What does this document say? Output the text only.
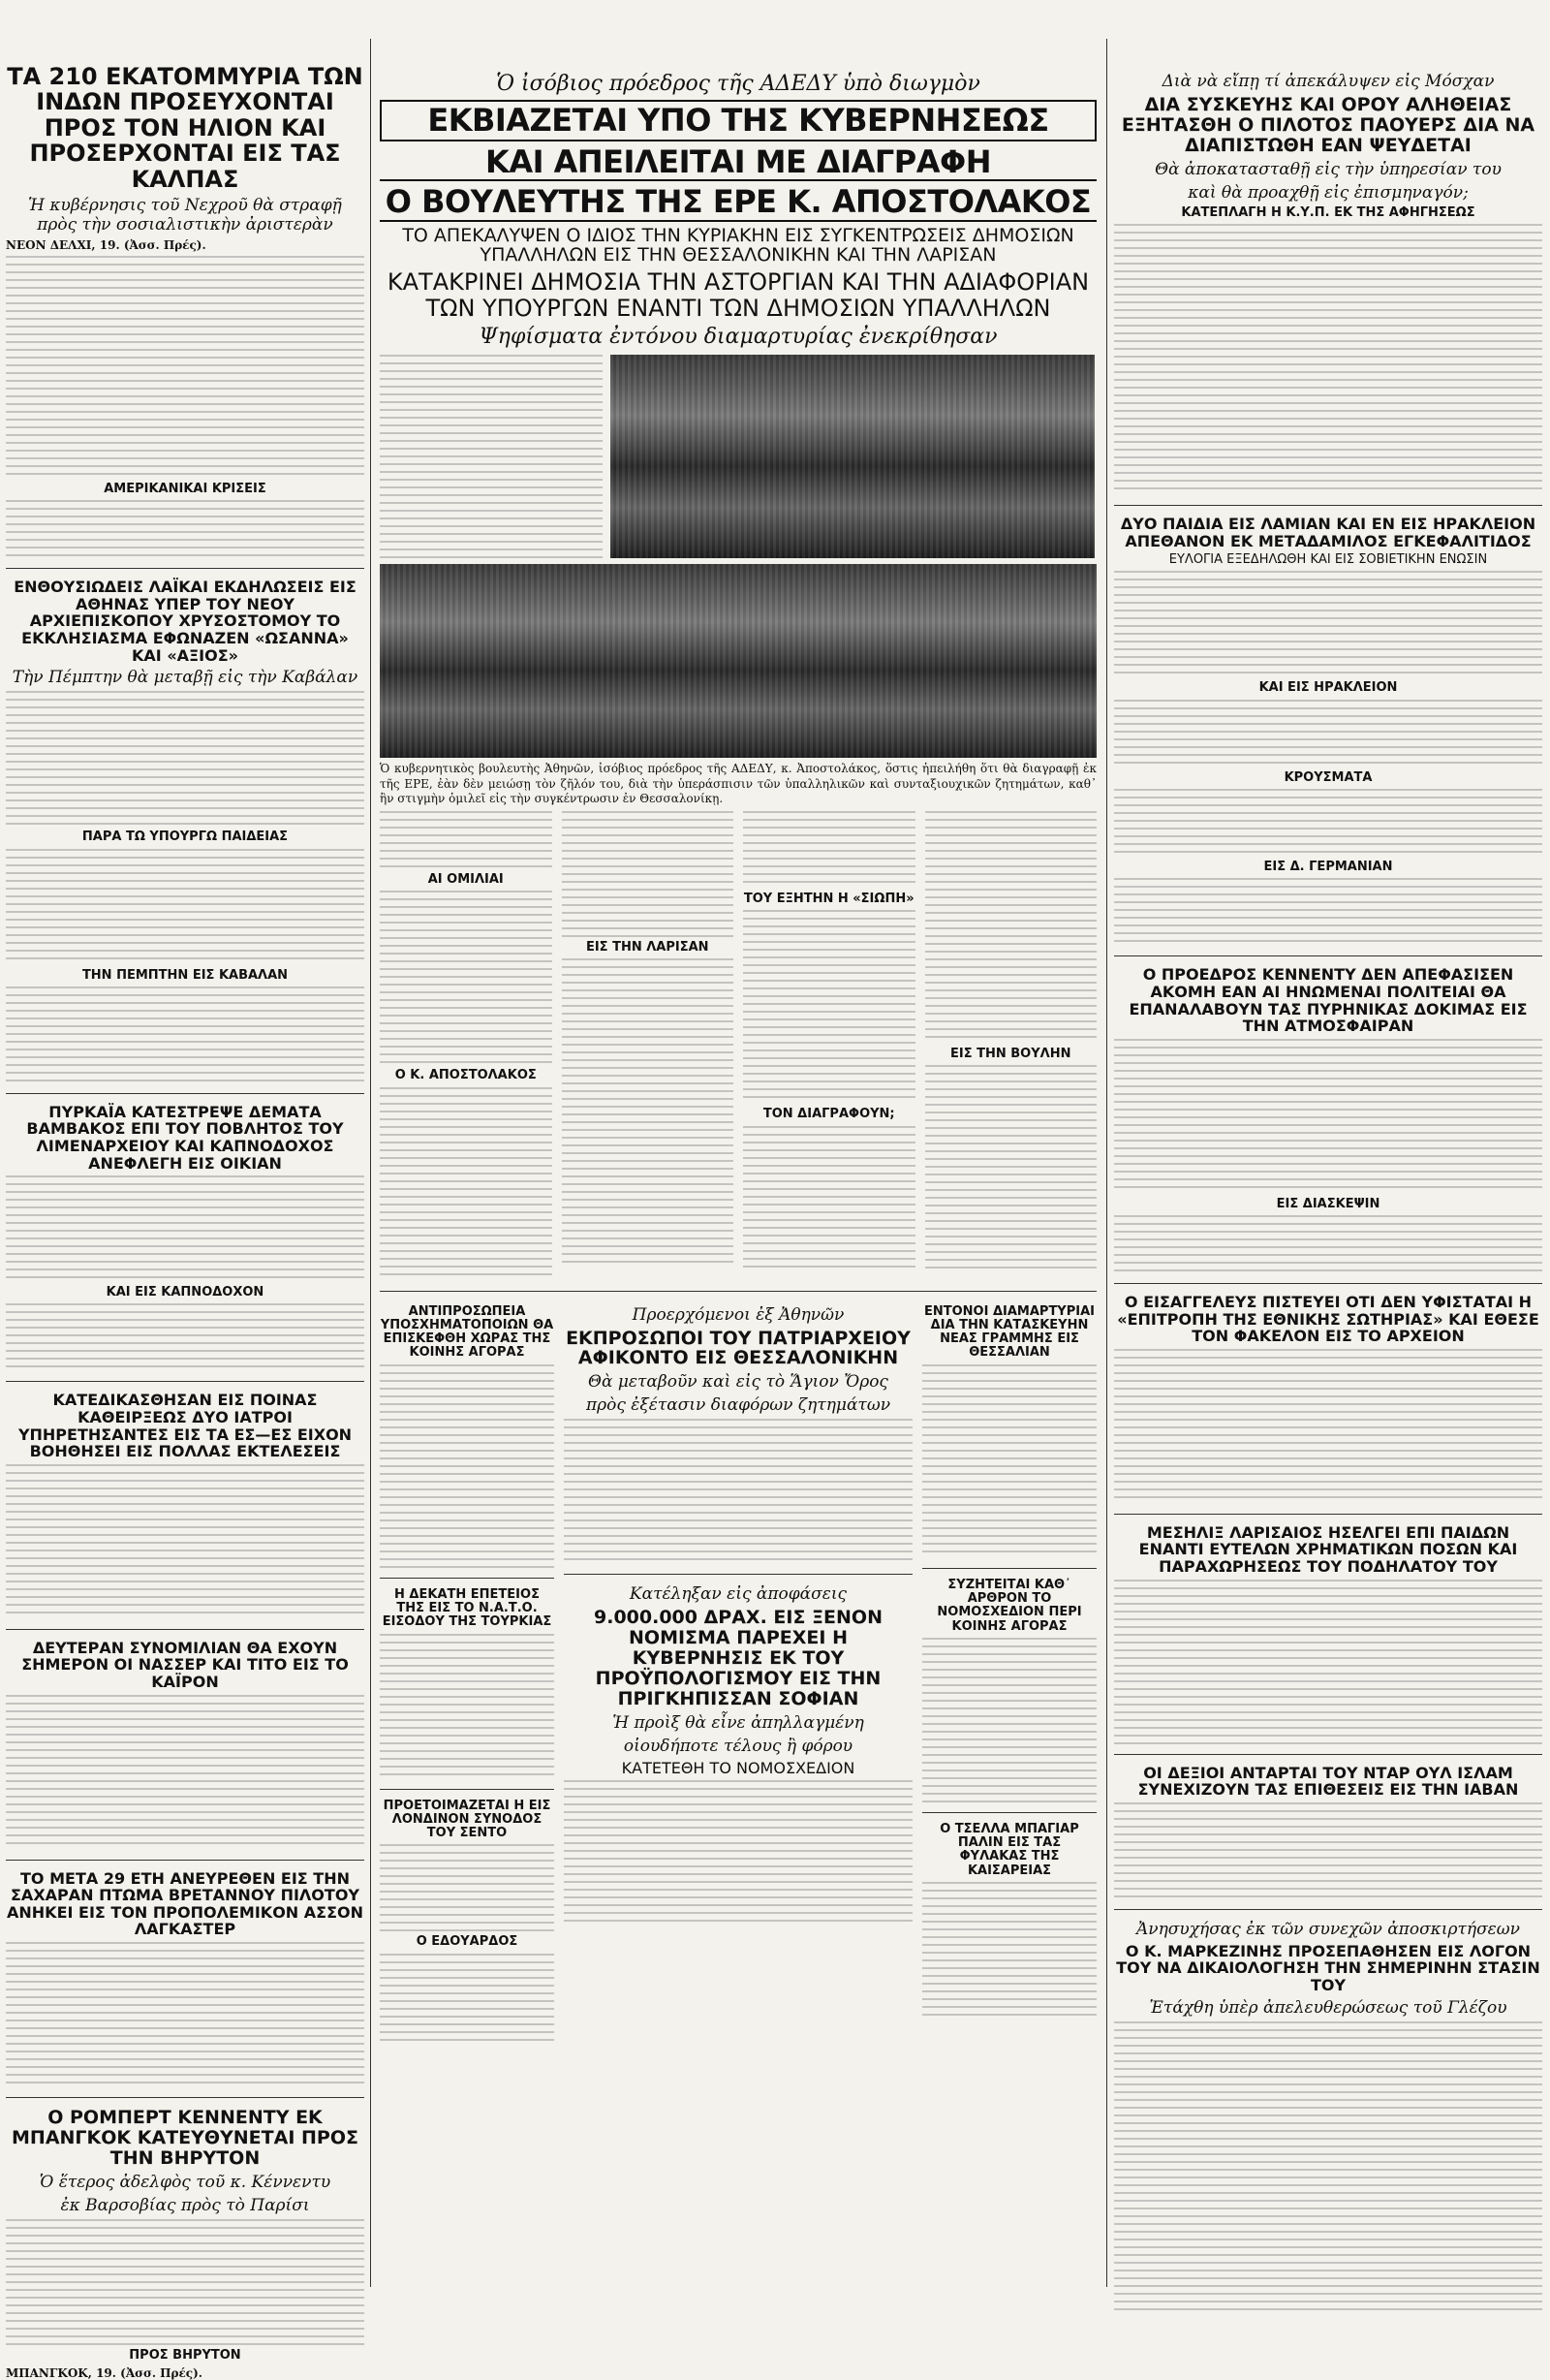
ΤΑ 210 ΕΚΑΤΟΜΜΥΡΙΑ ΤΩΝ ΙΝΔΩΝ ΠΡΟΣΕΥΧΟΝΤΑΙ ΠΡΟΣ ΤΟΝ ΗΛΙΟΝ ΚΑΙ ΠΡΟΣΕΡΧΟΝΤΑΙ ΕΙΣ ΤΑΣ ΚΑΛΠΑΣ
Ἡ κυβέρνησις τοῦ Νεχροῦ θὰ στραφῇ πρὸς τὴν σοσιαλιστικὴν ἀριστερὰν
ΝΕΟΝ ΔΕΛΧΙ, 19. (Ἀσσ. Πρές).
ΑΜΕΡΙΚΑΝΙΚΑΙ ΚΡΙΣΕΙΣ
ΕΝΘΟΥΣΙΩΔΕΙΣ ΛΑΪΚΑΙ ΕΚΔΗΛΩΣΕΙΣ ΕΙΣ ΑΘΗΝΑΣ ΥΠΕΡ ΤΟΥ ΝΕΟΥ ΑΡΧΙΕΠΙΣΚΟΠΟΥ ΧΡΥΣΟΣΤΟΜΟΥ ΤΟ ΕΚΚΛΗΣΙΑΣΜΑ ΕΦΩΝΑΖΕΝ «ΩΣΑΝΝΑ» ΚΑΙ «ΑΞΙΟΣ»
Τὴν Πέμπτην θὰ μεταβῇ εἰς τὴν Καβάλαν
ΠΑΡΑ ΤΩ ΥΠΟΥΡΓΩ ΠΑΙΔΕΙΑΣ
ΤΗΝ ΠΕΜΠΤΗΝ ΕΙΣ ΚΑΒΑΛΑΝ
ΠΥΡΚΑΪΑ ΚΑΤΕΣΤΡΕΨΕ ΔΕΜΑΤΑ ΒΑΜΒΑΚΟΣ ΕΠΙ ΤΟΥ ΠΟΒΛΗΤΟΣ ΤΟΥ ΛΙΜΕΝΑΡΧΕΙΟΥ ΚΑΙ ΚΑΠΝΟΔΟΧΟΣ ΑΝΕΦΛΕΓΗ ΕΙΣ ΟΙΚΙΑΝ
ΚΑΙ ΕΙΣ ΚΑΠΝΟΔΟΧΟΝ
ΚΑΤΕΔΙΚΑΣΘΗΣΑΝ ΕΙΣ ΠΟΙΝΑΣ ΚΑΘΕΙΡΞΕΩΣ ΔΥΟ ΙΑΤΡΟΙ ΥΠΗΡΕΤΗΣΑΝΤΕΣ ΕΙΣ ΤΑ ΕΣ—ΕΣ ΕΙΧΟΝ ΒΟΗΘΗΣΕΙ ΕΙΣ ΠΟΛΛΑΣ ΕΚΤΕΛΕΣΕΙΣ
ΔΕΥΤΕΡΑΝ ΣΥΝΟΜΙΛΙΑΝ ΘΑ ΕΧΟΥΝ ΣΗΜΕΡΟΝ ΟΙ ΝΑΣΣΕΡ ΚΑΙ ΤΙΤΟ ΕΙΣ ΤΟ ΚΑΪΡΟΝ
ΤΟ ΜΕΤΑ 29 ΕΤΗ ΑΝΕΥΡΕΘΕΝ ΕΙΣ ΤΗΝ ΣΑΧΑΡΑΝ ΠΤΩΜΑ ΒΡΕΤΑΝΝΟΥ ΠΙΛΟΤΟΥ ΑΝΗΚΕΙ ΕΙΣ ΤΟΝ ΠΡΟΠΟΛΕΜΙΚΟΝ ΑΣΣΟΝ ΛΑΓΚΑΣΤΕΡ
Ο ΡΟΜΠΕΡΤ ΚΕΝΝΕΝΤΥ ΕΚ ΜΠΑΝΓΚΟΚ ΚΑΤΕΥΘΥΝΕΤΑΙ ΠΡΟΣ ΤΗΝ ΒΗΡΥΤΟΝ
Ὁ ἕτερος ἀδελφὸς τοῦ κ. Κέννεντυ
ἐκ Βαρσοβίας πρὸς τὸ Παρίσι
ΠΡΟΣ ΒΗΡΥΤΟΝ
ΜΠΑΝΓΚΟΚ, 19. (Ἀσσ. Πρές).
Ὁ ἰσόβιος πρόεδρος τῆς ΑΔΕΔΥ ὑπὸ διωγμὸν
ΕΚΒΙΑΖΕΤΑΙ ΥΠΟ ΤΗΣ ΚΥΒΕΡΝΗΣΕΩΣ
ΚΑΙ ΑΠΕΙΛΕΙΤΑΙ ΜΕ ΔΙΑΓΡΑΦΗ
Ο ΒΟΥΛΕΥΤΗΣ ΤΗΣ ΕΡΕ Κ. ΑΠΟΣΤΟΛΑΚΟΣ
ΤΟ ΑΠΕΚΑΛΥΨΕΝ Ο ΙΔΙΟΣ ΤΗΝ ΚΥΡΙΑΚΗΝ ΕΙΣ ΣΥΓΚΕΝΤΡΩΣΕΙΣ ΔΗΜΟΣΙΩΝ ΥΠΑΛΛΗΛΩΝ ΕΙΣ ΤΗΝ ΘΕΣΣΑΛΟΝΙΚΗΝ ΚΑΙ ΤΗΝ ΛΑΡΙΣΑΝ
ΚΑΤΑΚΡΙΝΕΙ ΔΗΜΟΣΙΑ ΤΗΝ ΑΣΤΟΡΓΙΑΝ ΚΑΙ ΤΗΝ ΑΔΙΑΦΟΡΙΑΝ ΤΩΝ ΥΠΟΥΡΓΩΝ ΕΝΑΝΤΙ ΤΩΝ ΔΗΜΟΣΙΩΝ ΥΠΑΛΛΗΛΩΝ
Ψηφίσματα ἐντόνου διαμαρτυρίας ἐνεκρίθησαν
Ὁ κυβερνητικὸς βουλευτὴς Ἀθηνῶν, ἰσόβιος πρόεδρος τῆς ΑΔΕΔΥ, κ. Ἀποστολάκος, ὅστις ἠπειλήθη ὅτι θὰ διαγραφῇ ἐκ τῆς ΕΡΕ, ἐὰν δὲν μειώσῃ τὸν ζῆλόν του, διὰ τὴν ὑπεράσπισιν τῶν ὑπαλληλικῶν καὶ συνταξιουχικῶν ζητημάτων, καθ᾽ ἣν στιγμὴν ὁμιλεῖ εἰς τὴν συγκέντρωσιν ἐν Θεσσαλονίκῃ.
ΑΙ ΟΜΙΛΙΑΙ
Ο Κ. ΑΠΟΣΤΟΛΑΚΟΣ
ΕΙΣ ΤΗΝ ΛΑΡΙΣΑΝ
ΤΟΥ ΕΞΗΤΗΝ Η «ΣΙΩΠΗ»
ΤΟΝ ΔΙΑΓΡΑΦΟΥΝ;
ΕΙΣ ΤΗΝ ΒΟΥΛΗΝ
ΑΝΤΙΠΡΟΣΩΠΕΙΑ ΥΠΟΣΧΗΜΑΤΟΠΟΙΩΝ ΘΑ ΕΠΙΣΚΕΦΘΗ ΧΩΡΑΣ ΤΗΣ ΚΟΙΝΗΣ ΑΓΟΡΑΣ
Η ΔΕΚΑΤΗ ΕΠΕΤΕΙΟΣ ΤΗΣ ΕΙΣ ΤΟ Ν.Α.Τ.Ο. ΕΙΣΟΔΟΥ ΤΗΣ ΤΟΥΡΚΙΑΣ
ΠΡΟΕΤΟΙΜΑΖΕΤΑΙ Η ΕΙΣ ΛΟΝΔΙΝΟΝ ΣΥΝΟΔΟΣ ΤΟΥ ΣΕΝΤΟ
Ο ΕΔΟΥΑΡΔΟΣ
Προερχόμενοι ἐξ Ἀθηνῶν
ΕΚΠΡΟΣΩΠΟΙ ΤΟΥ ΠΑΤΡΙΑΡΧΕΙΟΥ ΑΦΙΚΟΝΤΟ ΕΙΣ ΘΕΣΣΑΛΟΝΙΚΗΝ
Θὰ μεταβοῦν καὶ εἰς τὸ Ἅγιον Ὄρος
πρὸς ἐξέτασιν διαφόρων ζητημάτων
Κατέληξαν εἰς ἀποφάσεις
9.000.000 ΔΡΑΧ. ΕΙΣ ΞΕΝΟΝ ΝΟΜΙΣΜΑ ΠΑΡΕΧΕΙ Η ΚΥΒΕΡΝΗΣΙΣ ΕΚ ΤΟΥ ΠΡΟΫΠΟΛΟΓΙΣΜΟΥ ΕΙΣ ΤΗΝ ΠΡΙΓΚΗΠΙΣΣΑΝ ΣΟΦΙΑΝ
Ἡ προὶξ θὰ εἶνε ἀπηλλαγμένη
οἱουδήποτε τέλους ἢ φόρου
ΚΑΤΕΤΕΘΗ ΤΟ ΝΟΜΟΣΧΕΔΙΟΝ
ΕΝΤΟΝΟΙ ΔΙΑΜΑΡΤΥΡΙΑΙ ΔΙΑ ΤΗΝ ΚΑΤΑΣΚΕΥΗΝ ΝΕΑΣ ΓΡΑΜΜΗΣ ΕΙΣ ΘΕΣΣΑΛΙΑΝ
ΣΥΖΗΤΕΙΤΑΙ ΚΑΘ᾽ ΑΡΘΡΟΝ ΤΟ ΝΟΜΟΣΧΕΔΙΟΝ ΠΕΡΙ ΚΟΙΝΗΣ ΑΓΟΡΑΣ
Ο ΤΣΕΛΛΑ ΜΠΑΓΙΑΡ ΠΑΛΙΝ ΕΙΣ ΤΑΣ ΦΥΛΑΚΑΣ ΤΗΣ ΚΑΙΣΑΡΕΙΑΣ
Διὰ νὰ εἴπῃ τί ἀπεκάλυψεν εἰς Μόσχαν
ΔΙΑ ΣΥΣΚΕΥΗΣ ΚΑΙ ΟΡΟΥ ΑΛΗΘΕΙΑΣ ΕΞΗΤΑΣΘΗ Ο ΠΙΛΟΤΟΣ ΠΑΟΥΕΡΣ ΔΙΑ ΝΑ ΔΙΑΠΙΣΤΩΘΗ ΕΑΝ ΨΕΥΔΕΤΑΙ
Θὰ ἀποκατασταθῇ εἰς τὴν ὑπηρεσίαν του
καὶ θὰ προαχθῇ εἰς ἐπισμηναγόν;
ΚΑΤΕΠΛΑΓΗ Η Κ.Υ.Π. ΕΚ ΤΗΣ ΑΦΗΓΗΣΕΩΣ
ΔΥΟ ΠΑΙΔΙΑ ΕΙΣ ΛΑΜΙΑΝ ΚΑΙ ΕΝ ΕΙΣ ΗΡΑΚΛΕΙΟΝ ΑΠΕΘΑΝΟΝ ΕΚ ΜΕΤΑΔΑΜΙΛΟΣ ΕΓΚΕΦΑΛΙΤΙΔΟΣ
ΕΥΛΟΓΙΑ ΕΞΕΔΗΛΩΘΗ ΚΑΙ ΕΙΣ ΣΟΒΙΕΤΙΚΗΝ ΕΝΩΣΙΝ
ΚΑΙ ΕΙΣ ΗΡΑΚΛΕΙΟΝ
ΚΡΟΥΣΜΑΤΑ
ΕΙΣ Δ. ΓΕΡΜΑΝΙΑΝ
Ο ΠΡΟΕΔΡΟΣ ΚΕΝΝΕΝΤΥ ΔΕΝ ΑΠΕΦΑΣΙΣΕΝ ΑΚΟΜΗ ΕΑΝ ΑΙ ΗΝΩΜΕΝΑΙ ΠΟΛΙΤΕΙΑΙ ΘΑ ΕΠΑΝΑΛΑΒΟΥΝ ΤΑΣ ΠΥΡΗΝΙΚΑΣ ΔΟΚΙΜΑΣ ΕΙΣ ΤΗΝ ΑΤΜΟΣΦΑΙΡΑΝ
ΕΙΣ ΔΙΑΣΚΕΨΙΝ
Ο ΕΙΣΑΓΓΕΛΕΥΣ ΠΙΣΤΕΥΕΙ ΟΤΙ ΔΕΝ ΥΦΙΣΤΑΤΑΙ Η «ΕΠΙΤΡΟΠΗ ΤΗΣ ΕΘΝΙΚΗΣ ΣΩΤΗΡΙΑΣ» ΚΑΙ ΕΘΕΣΕ ΤΟΝ ΦΑΚΕΛΟΝ ΕΙΣ ΤΟ ΑΡΧΕΙΟΝ
ΜΕΣΗΛΙΞ ΛΑΡΙΣΑΙΟΣ ΗΣΕΛΓΕΙ ΕΠΙ ΠΑΙΔΩΝ ΕΝΑΝΤΙ ΕΥΤΕΛΩΝ ΧΡΗΜΑΤΙΚΩΝ ΠΟΣΩΝ ΚΑΙ ΠΑΡΑΧΩΡΗΣΕΩΣ ΤΟΥ ΠΟΔΗΛΑΤΟΥ ΤΟΥ
ΟΙ ΔΕΞΙΟΙ ΑΝΤΑΡΤΑΙ ΤΟΥ ΝΤΑΡ ΟΥΛ ΙΣΛΑΜ ΣΥΝΕΧΙΖΟΥΝ ΤΑΣ ΕΠΙΘΕΣΕΙΣ ΕΙΣ ΤΗΝ ΙΑΒΑΝ
Ἀνησυχήσας ἐκ τῶν συνεχῶν ἀποσκιρτήσεων
Ο Κ. ΜΑΡΚΕΖΙΝΗΣ ΠΡΟΣΕΠΑΘΗΣΕΝ ΕΙΣ ΛΟΓΟΝ ΤΟΥ ΝΑ ΔΙΚΑΙΟΛΟΓΗΣΗ ΤΗΝ ΣΗΜΕΡΙΝΗΝ ΣΤΑΣΙΝ ΤΟΥ
Ἐτάχθη ὑπὲρ ἀπελευθερώσεως τοῦ Γλέζου
